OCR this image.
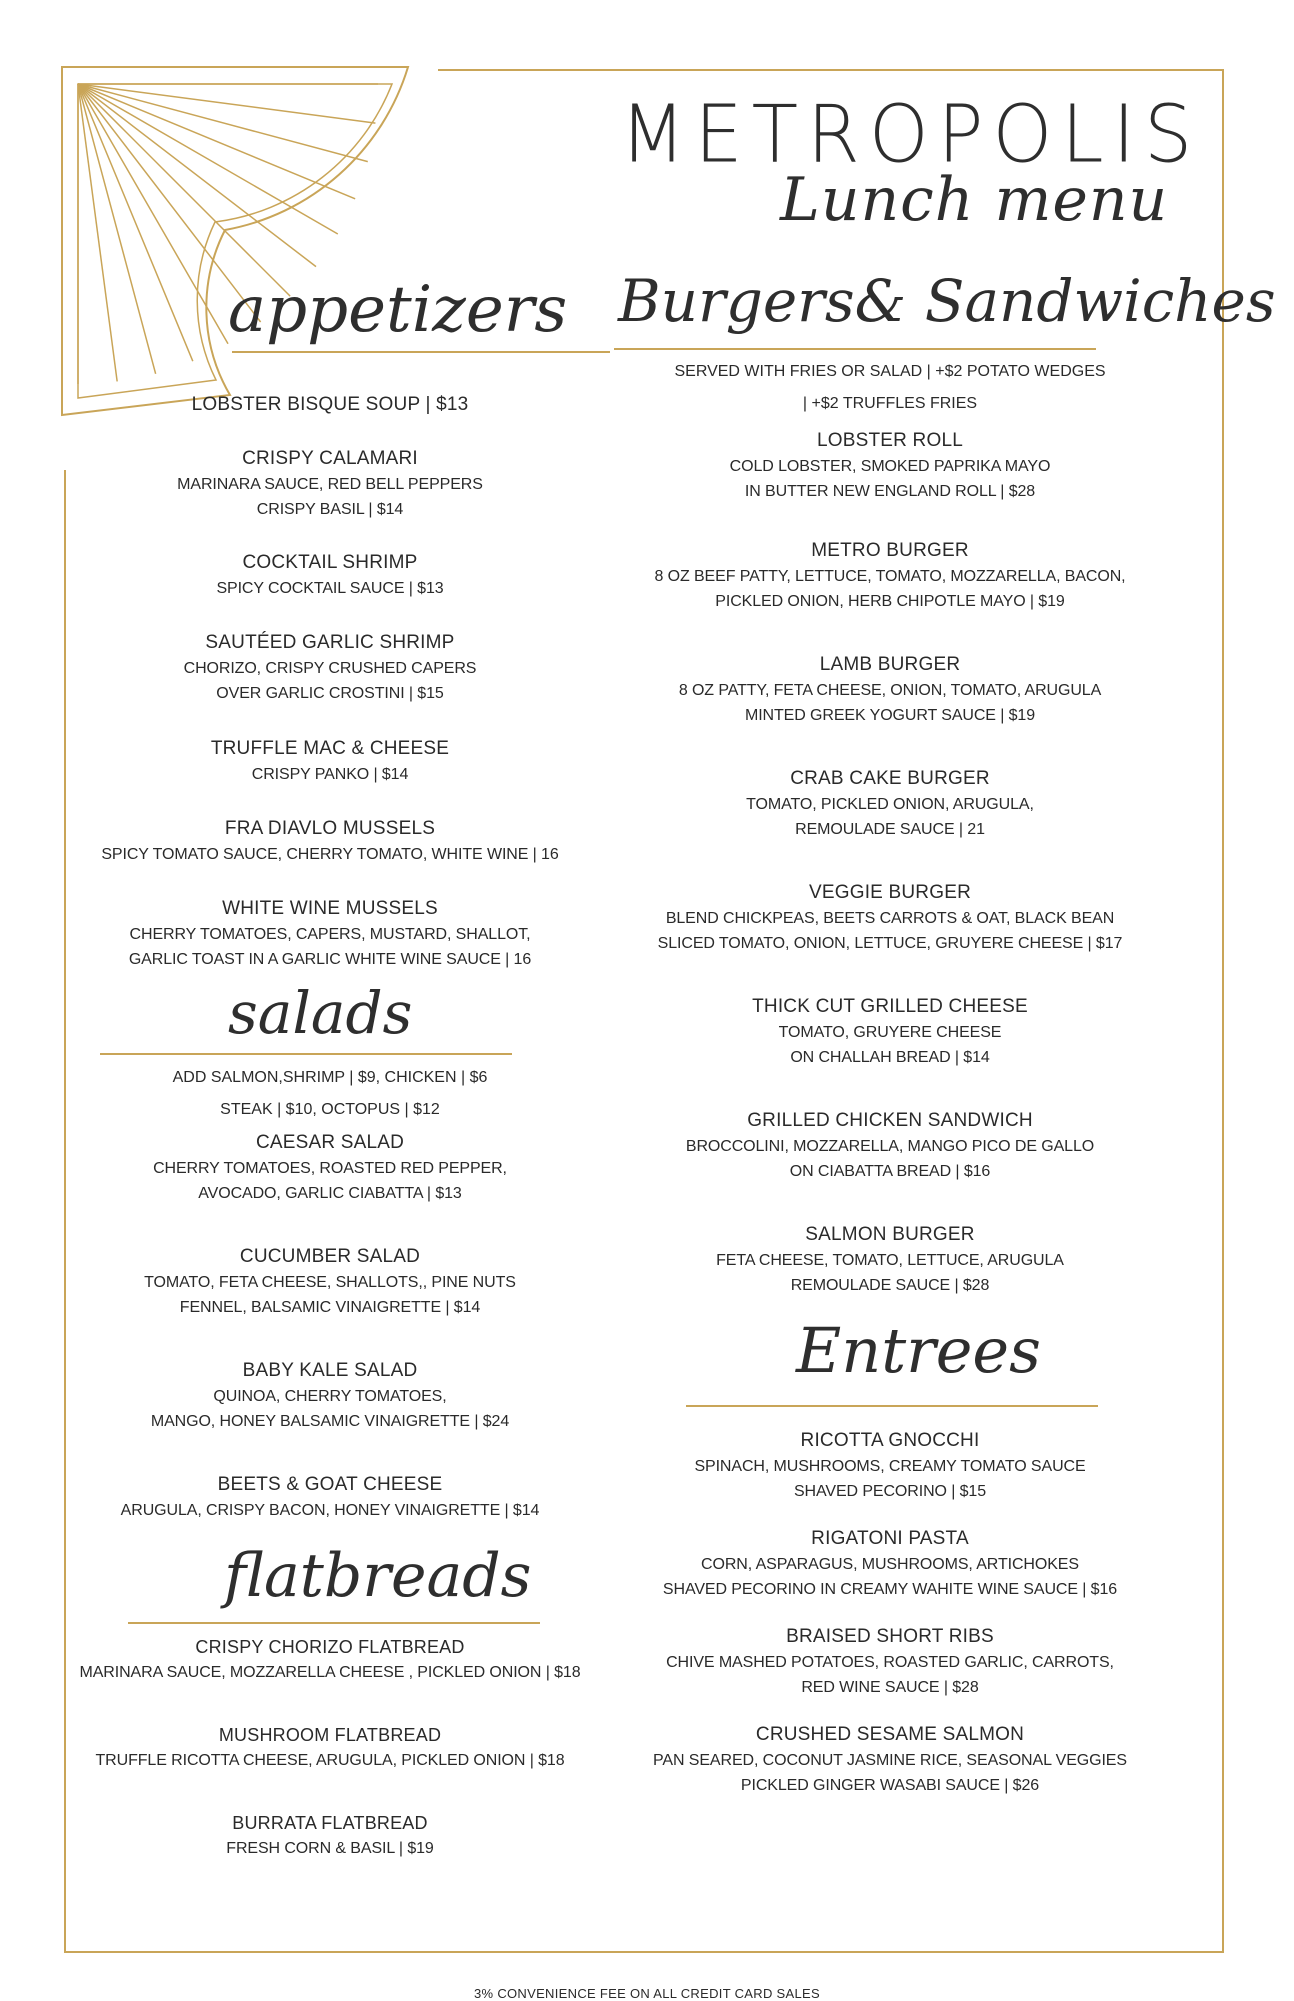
METROPOLIS
Lunch menu
appetizers Burgers& Sandwiches
salads
flatbreads
Entrees
LOBSTER BISQUE SOUP | $13
CRISPY CALAMARI
MARINARA SAUCE, RED BELL PEPPERS
CRISPY BASIL | $14
COCKTAIL SHRIMP
SPICY COCKTAIL SAUCE | $13
SAUTÉED GARLIC SHRIMP
CHORIZO, CRISPY CRUSHED CAPERS
OVER GARLIC CROSTINI | $15
TRUFFLE MAC & CHEESE
CRISPY PANKO | $14
FRA DIAVLO MUSSELS
SPICY TOMATO SAUCE, CHERRY TOMATO, WHITE WINE | 16
WHITE WINE MUSSELS
CHERRY TOMATOES, CAPERS, MUSTARD, SHALLOT,
GARLIC TOAST IN A GARLIC WHITE WINE SAUCE | 16
ADD SALMON,SHRIMP | $9, CHICKEN | $6
STEAK | $10, OCTOPUS | $12
CAESAR SALAD
CHERRY TOMATOES, ROASTED RED PEPPER,
AVOCADO, GARLIC CIABATTA | $13
CUCUMBER SALAD
TOMATO, FETA CHEESE, SHALLOTS,, PINE NUTS
FENNEL, BALSAMIC VINAIGRETTE | $14
BABY KALE SALAD
QUINOA, CHERRY TOMATOES,
MANGO, HONEY BALSAMIC VINAIGRETTE | $24
BEETS & GOAT CHEESE
ARUGULA, CRISPY BACON, HONEY VINAIGRETTE | $14
CRISPY CHORIZO FLATBREAD
MARINARA SAUCE, MOZZARELLA CHEESE , PICKLED ONION | $18
MUSHROOM FLATBREAD
TRUFFLE RICOTTA CHEESE, ARUGULA, PICKLED ONION | $18
BURRATA FLATBREAD
FRESH CORN & BASIL | $19
SERVED WITH FRIES OR SALAD | +$2 POTATO WEDGES
| +$2 TRUFFLES FRIES
LOBSTER ROLL
COLD LOBSTER, SMOKED PAPRIKA MAYO
IN BUTTER NEW ENGLAND ROLL | $28
METRO BURGER
8 OZ BEEF PATTY, LETTUCE, TOMATO, MOZZARELLA, BACON,
PICKLED ONION, HERB CHIPOTLE MAYO | $19
LAMB BURGER
8 OZ PATTY, FETA CHEESE, ONION, TOMATO, ARUGULA
MINTED GREEK YOGURT SAUCE | $19
CRAB CAKE BURGER
TOMATO, PICKLED ONION, ARUGULA,
REMOULADE SAUCE | 21
VEGGIE BURGER
BLEND CHICKPEAS, BEETS CARROTS & OAT, BLACK BEAN
SLICED TOMATO, ONION, LETTUCE, GRUYERE CHEESE | $17
THICK CUT GRILLED CHEESE
TOMATO, GRUYERE CHEESE
ON CHALLAH BREAD | $14
GRILLED CHICKEN SANDWICH
BROCCOLINI, MOZZARELLA, MANGO PICO DE GALLO
ON CIABATTA BREAD | $16
SALMON BURGER
FETA CHEESE, TOMATO, LETTUCE, ARUGULA
REMOULADE SAUCE | $28
RICOTTA GNOCCHI
SPINACH, MUSHROOMS, CREAMY TOMATO SAUCE
SHAVED PECORINO | $15
RIGATONI PASTA
CORN, ASPARAGUS, MUSHROOMS, ARTICHOKES
SHAVED PECORINO IN CREAMY WAHITE WINE SAUCE | $16
BRAISED SHORT RIBS
CHIVE MASHED POTATOES, ROASTED GARLIC, CARROTS,
RED WINE SAUCE | $28
CRUSHED SESAME SALMON
PAN SEARED, COCONUT JASMINE RICE, SEASONAL VEGGIES
PICKLED GINGER WASABI SAUCE | $26
3% CONVENIENCE FEE ON ALL CREDIT CARD SALES
